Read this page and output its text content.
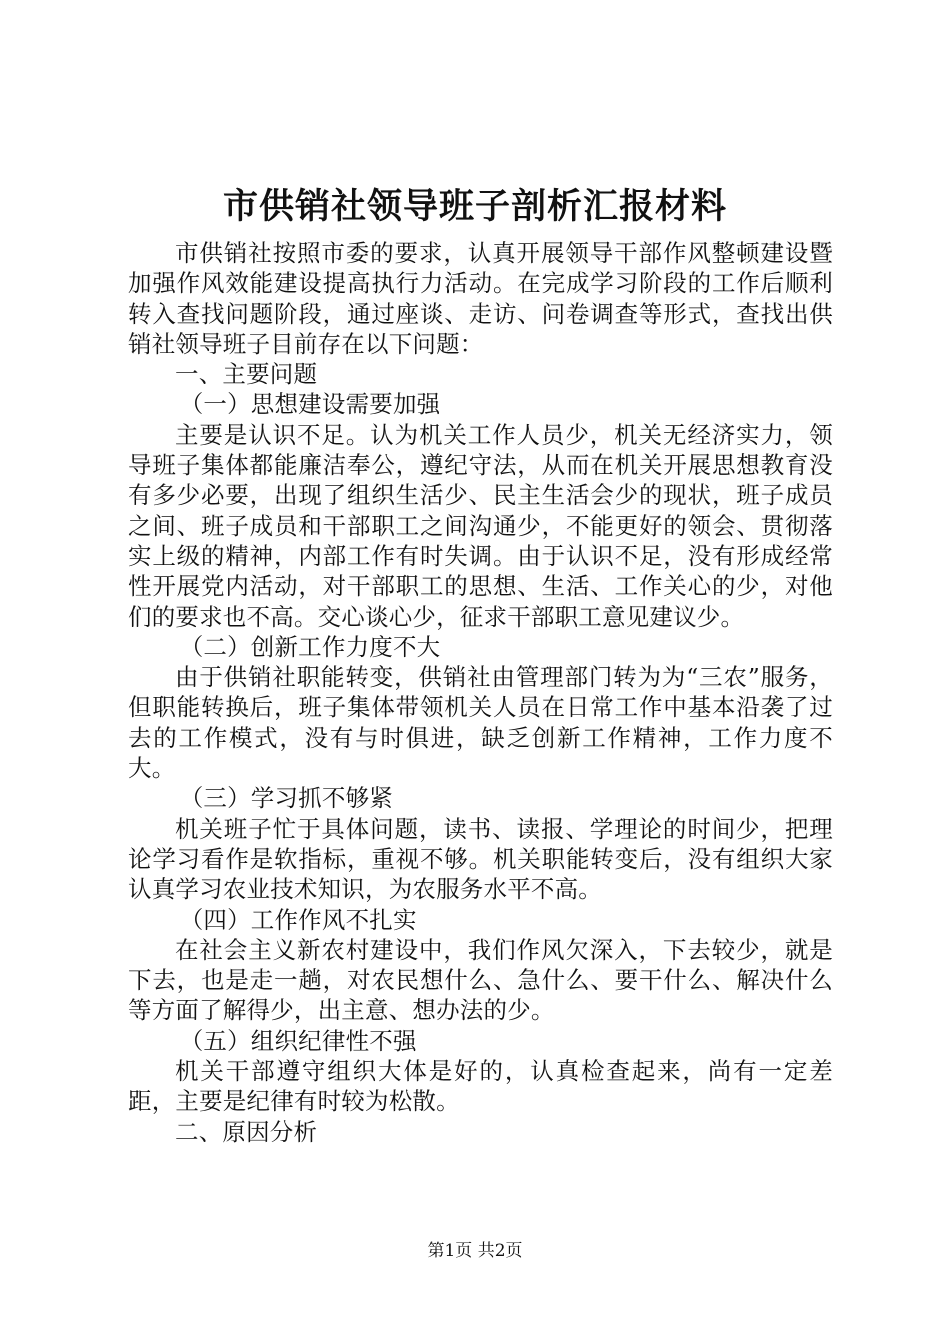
市供销社领导班子剖析汇报材料

市供销社按照市委的要求，认真开展领导干部作风整顿建设暨加强作风效能建设提高执行力活动。在完成学习阶段的工作后顺利转入查找问题阶段，通过座谈、走访、问卷调查等形式，查找出供销社领导班子目前存在以下问题：

一、主要问题

（一）思想建设需要加强

主要是认识不足。认为机关工作人员少，机关无经济实力，领导班子集体都能廉洁奉公，遵纪守法，从而在机关开展思想教育没有多少必要，出现了组织生活少、民主生活会少的现状，班子成员之间、班子成员和干部职工之间沟通少，不能更好的领会、贯彻落实上级的精神，内部工作有时失调。由于认识不足，没有形成经常性开展党内活动，对干部职工的思想、生活、工作关心的少，对他们的要求也不高。交心谈心少，征求干部职工意见建议少。

（二）创新工作力度不大

由于供销社职能转变，供销社由管理部门转为为“三农”服务，但职能转换后，班子集体带领机关人员在日常工作中基本沿袭了过去的工作模式，没有与时俱进，缺乏创新工作精神，工作力度不大。

（三）学习抓不够紧

机关班子忙于具体问题，读书、读报、学理论的时间少，把理论学习看作是软指标，重视不够。机关职能转变后，没有组织大家认真学习农业技术知识，为农服务水平不高。

（四）工作作风不扎实

在社会主义新农村建设中，我们作风欠深入，下去较少，就是下去，也是走一趟，对农民想什么、急什么、要干什么、解决什么等方面了解得少，出主意、想办法的少。

（五）组织纪律性不强

机关干部遵守组织大体是好的，认真检查起来，尚有一定差距，主要是纪律有时较为松散。

二、原因分析

第1页 共2页
